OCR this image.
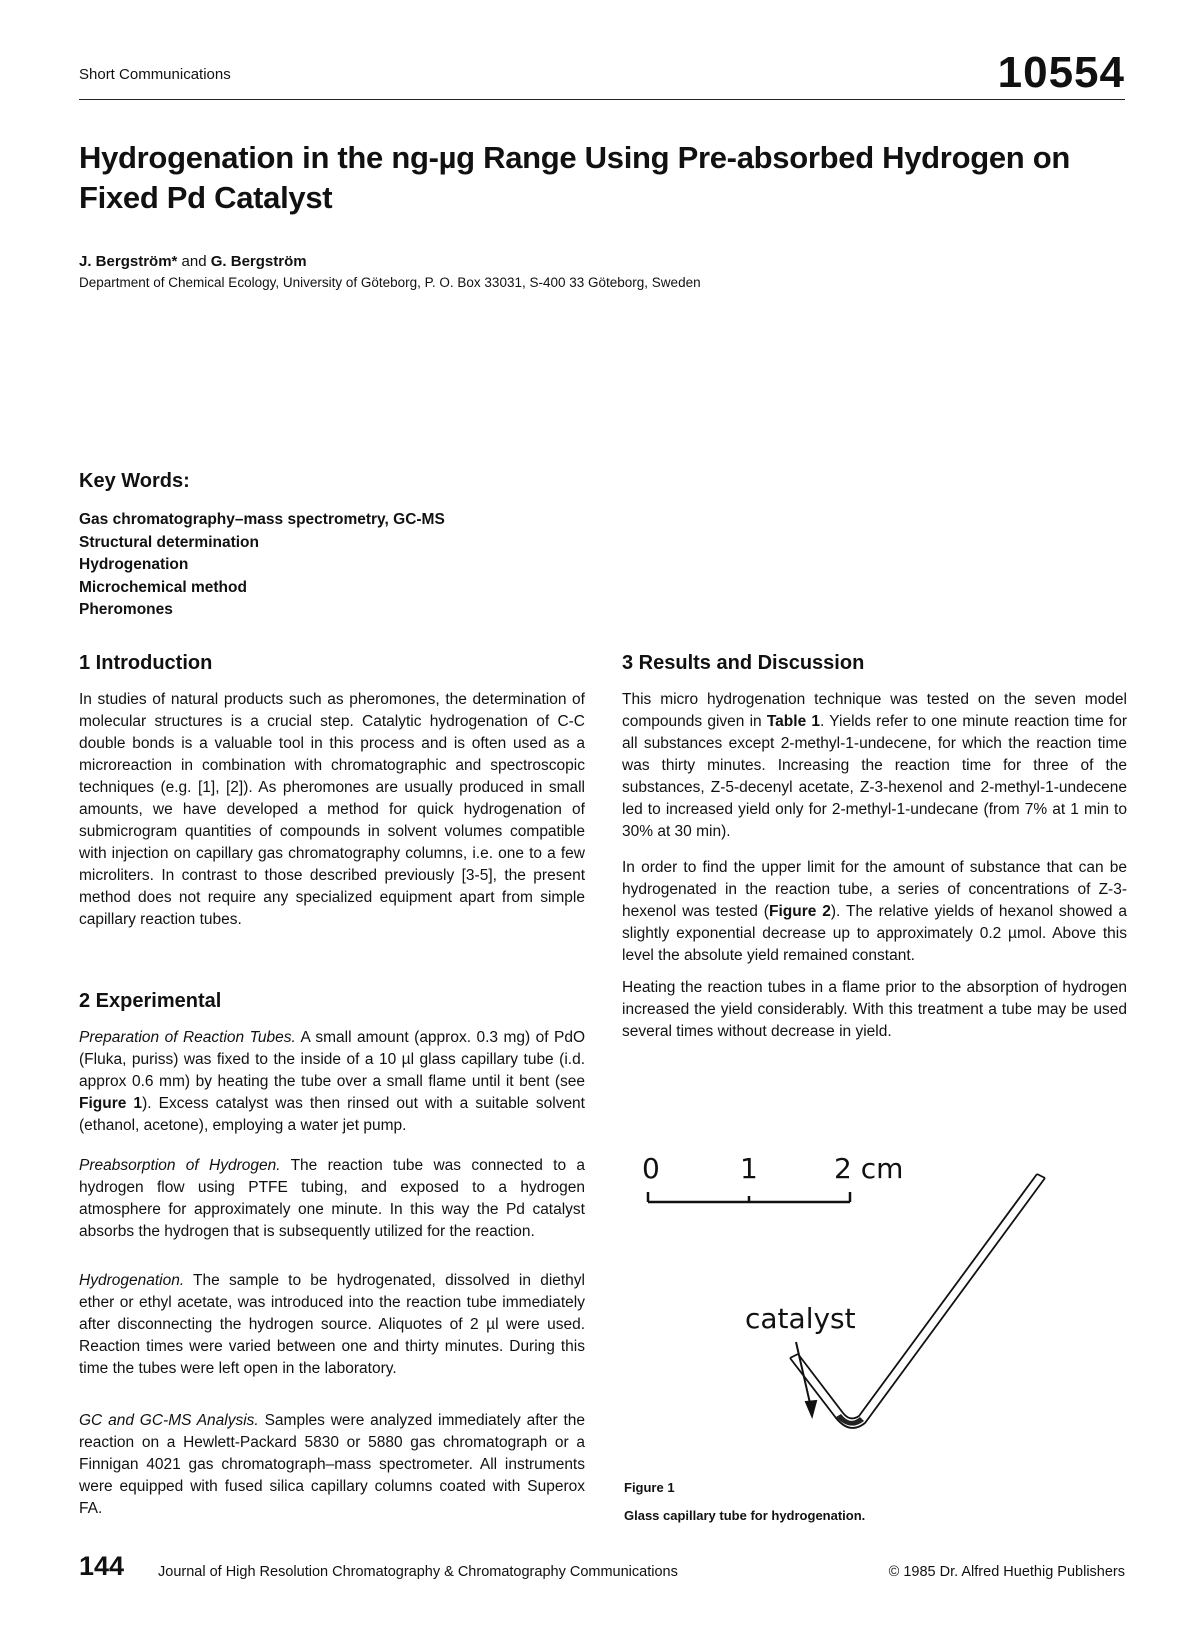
Short Communications	10554
Hydrogenation in the ng-µg Range Using Pre-absorbed Hydrogen on Fixed Pd Catalyst
J. Bergström* and G. Bergström
Department of Chemical Ecology, University of Göteborg, P. O. Box 33031, S-400 33 Göteborg, Sweden
Key Words:
Gas chromatography–mass spectrometry, GC-MS
Structural determination
Hydrogenation
Microchemical method
Pheromones
1 Introduction
In studies of natural products such as pheromones, the determination of molecular structures is a crucial step. Catalytic hydrogenation of C-C double bonds is a valuable tool in this process and is often used as a microreaction in combination with chromatographic and spectroscopic techniques (e.g. [1], [2]). As pheromones are usually produced in small amounts, we have developed a method for quick hydrogenation of submicrogram quantities of compounds in solvent volumes compatible with injection on capillary gas chromatography columns, i.e. one to a few microliters. In contrast to those described previously [3-5], the present method does not require any specialized equipment apart from simple capillary reaction tubes.
2 Experimental
Preparation of Reaction Tubes. A small amount (approx. 0.3 mg) of PdO (Fluka, puriss) was fixed to the inside of a 10 µl glass capillary tube (i.d. approx 0.6 mm) by heating the tube over a small flame until it bent (see Figure 1). Excess catalyst was then rinsed out with a suitable solvent (ethanol, acetone), employing a water jet pump.
Preabsorption of Hydrogen. The reaction tube was connected to a hydrogen flow using PTFE tubing, and exposed to a hydrogen atmosphere for approximately one minute. In this way the Pd catalyst absorbs the hydrogen that is subsequently utilized for the reaction.
Hydrogenation. The sample to be hydrogenated, dissolved in diethyl ether or ethyl acetate, was introduced into the reaction tube immediately after disconnecting the hydrogen source. Aliquotes of 2 µl were used. Reaction times were varied between one and thirty minutes. During this time the tubes were left open in the laboratory.
GC and GC-MS Analysis. Samples were analyzed immediately after the reaction on a Hewlett-Packard 5830 or 5880 gas chromatograph or a Finnigan 4021 gas chromatograph–mass spectrometer. All instruments were equipped with fused silica capillary columns coated with Superox FA.
3 Results and Discussion
This micro hydrogenation technique was tested on the seven model compounds given in Table 1. Yields refer to one minute reaction time for all substances except 2-methyl-1-undecene, for which the reaction time was thirty minutes. Increasing the reaction time for three of the substances, Z-5-decenyl acetate, Z-3-hexenol and 2-methyl-1-undecene led to increased yield only for 2-methyl-1-undecane (from 7% at 1 min to 30% at 30 min).
In order to find the upper limit for the amount of substance that can be hydrogenated in the reaction tube, a series of concentrations of Z-3-hexenol was tested (Figure 2). The relative yields of hexanol showed a slightly exponential decrease up to approximately 0.2 µmol. Above this level the absolute yield remained constant.
Heating the reaction tubes in a flame prior to the absorption of hydrogen increased the yield considerably. With this treatment a tube may be used several times without decrease in yield.
0	1	2 cm
catalyst
Figure 1
Glass capillary tube for hydrogenation.
144 Journal of High Resolution Chromatography & Chromatography Communications	© 1985 Dr. Alfred Huethig Publishers
